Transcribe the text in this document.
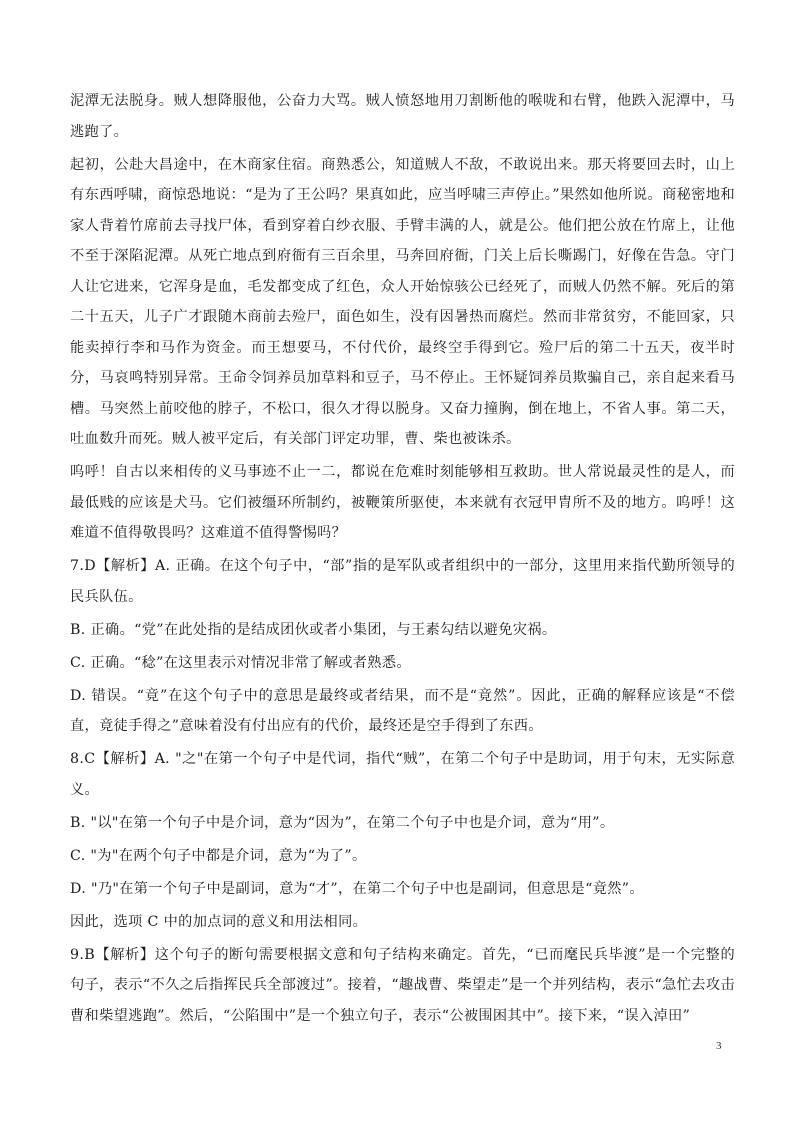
泥潭无法脱身。贼人想降服他，公奋力大骂。贼人愤怒地用刀割断他的喉咙和右臂，他跌入泥潭中，马逃跑了。

起初，公赴大昌途中，在木商家住宿。商熟悉公，知道贼人不敌，不敢说出来。那天将要回去时，山上有东西呼啸，商惊恐地说：“是为了王公吗？果真如此，应当呼啸三声停止。”果然如他所说。商秘密地和家人背着竹席前去寻找尸体，看到穿着白纱衣服、手臂丰满的人，就是公。他们把公放在竹席上，让他不至于深陷泥潭。从死亡地点到府衙有三百余里，马奔回府衙，门关上后长嘶踢门，好像在告急。守门人让它进来，它浑身是血，毛发都变成了红色，众人开始惊骇公已经死了，而贼人仍然不解。死后的第二十五天，儿子广才跟随木商前去殓尸，面色如生，没有因暑热而腐烂。然而非常贫穷，不能回家，只能卖掉行李和马作为资金。而王想要马，不付代价，最终空手得到它。殓尸后的第二十五天，夜半时分，马哀鸣特别异常。王命令饲养员加草料和豆子，马不停止。王怀疑饲养员欺骗自己，亲自起来看马槽。马突然上前咬他的脖子，不松口，很久才得以脱身。又奋力撞胸，倒在地上，不省人事。第二天，吐血数升而死。贼人被平定后，有关部门评定功罪，曹、柴也被诛杀。

呜呼！自古以来相传的义马事迹不止一二，都说在危难时刻能够相互救助。世人常说最灵性的是人，而最低贱的应该是犬马。它们被缰环所制约，被鞭策所驱使，本来就有衣冠甲胄所不及的地方。呜呼！这难道不值得敬畏吗？这难道不值得警惕吗？

7.D【解析】A. 正确。在这个句子中，“部”指的是军队或者组织中的一部分，这里用来指代勤所领导的民兵队伍。

B. 正确。“党”在此处指的是结成团伙或者小集团，与王素勾结以避免灾祸。

C. 正确。“稔”在这里表示对情况非常了解或者熟悉。

D. 错误。“竟”在这个句子中的意思是最终或者结果，而不是“竟然”。因此，正确的解释应该是“不偿直，竟徒手得之”意味着没有付出应有的代价，最终还是空手得到了东西。

8.C【解析】A. "之"在第一个句子中是代词，指代“贼”，在第二个句子中是助词，用于句末，无实际意义。

B. "以"在第一个句子中是介词，意为“因为”，在第二个句子中也是介词，意为“用”。

C. "为"在两个句子中都是介词，意为“为了”。

D. "乃"在第一个句子中是副词，意为“才”，在第二个句子中也是副词，但意思是“竟然”。

因此，选项 C 中的加点词的意义和用法相同。

9.B【解析】这个句子的断句需要根据文意和句子结构来确定。首先，“已而麾民兵毕渡”是一个完整的句子，表示“不久之后指挥民兵全部渡过”。接着，“趣战曹、柴望走”是一个并列结构，表示“急忙去攻击曹和柴望逃跑”。然后，“公陷围中”是一个独立句子，表示“公被围困其中”。接下来，“误入淖田”

3
